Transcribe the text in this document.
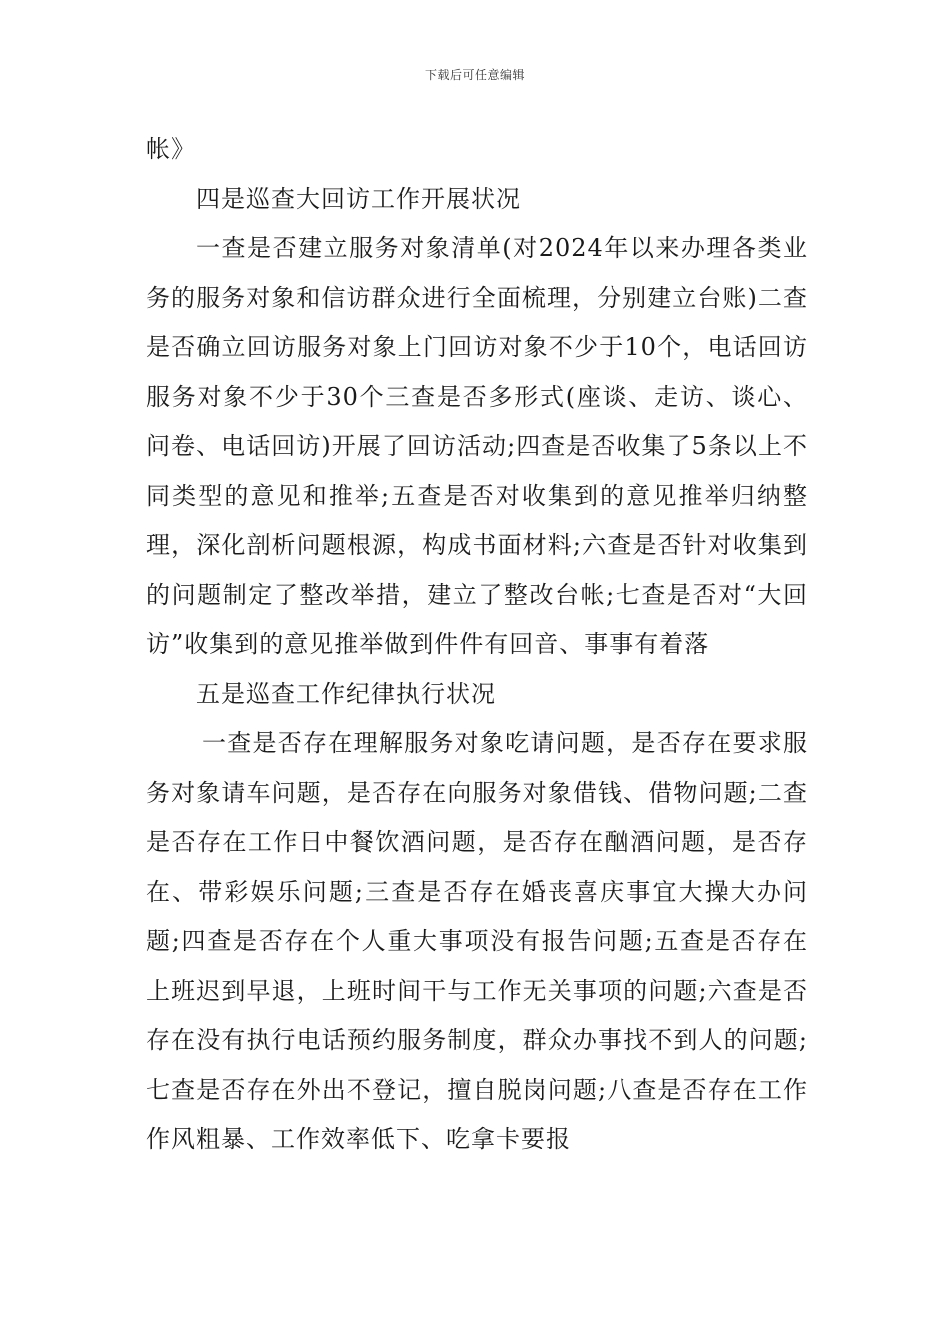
下载后可任意编辑

帐》

四是巡查大回访工作开展状况

一查是否建立服务对象清单(对2024年以来办理各类业务的服务对象和信访群众进行全面梳理，分别建立台账)二查是否确立回访服务对象上门回访对象不少于10个，电话回访服务对象不少于30个三查是否多形式(座谈、走访、谈心、问卷、电话回访)开展了回访活动;四查是否收集了5条以上不同类型的意见和推举;五查是否对收集到的意见推举归纳整理，深化剖析问题根源，构成书面材料;六查是否针对收集到的问题制定了整改举措，建立了整改台帐;七查是否对“大回访”收集到的意见推举做到件件有回音、事事有着落

五是巡查工作纪律执行状况

一查是否存在理解服务对象吃请问题，是否存在要求服务对象请车问题，是否存在向服务对象借钱、借物问题;二查是否存在工作日中餐饮酒问题，是否存在酗酒问题，是否存在、带彩娱乐问题;三查是否存在婚丧喜庆事宜大操大办问题;四查是否存在个人重大事项没有报告问题;五查是否存在上班迟到早退，上班时间干与工作无关事项的问题;六查是否存在没有执行电话预约服务制度，群众办事找不到人的问题;七查是否存在外出不登记，擅自脱岗问题;八查是否存在工作作风粗暴、工作效率低下、吃拿卡要报
